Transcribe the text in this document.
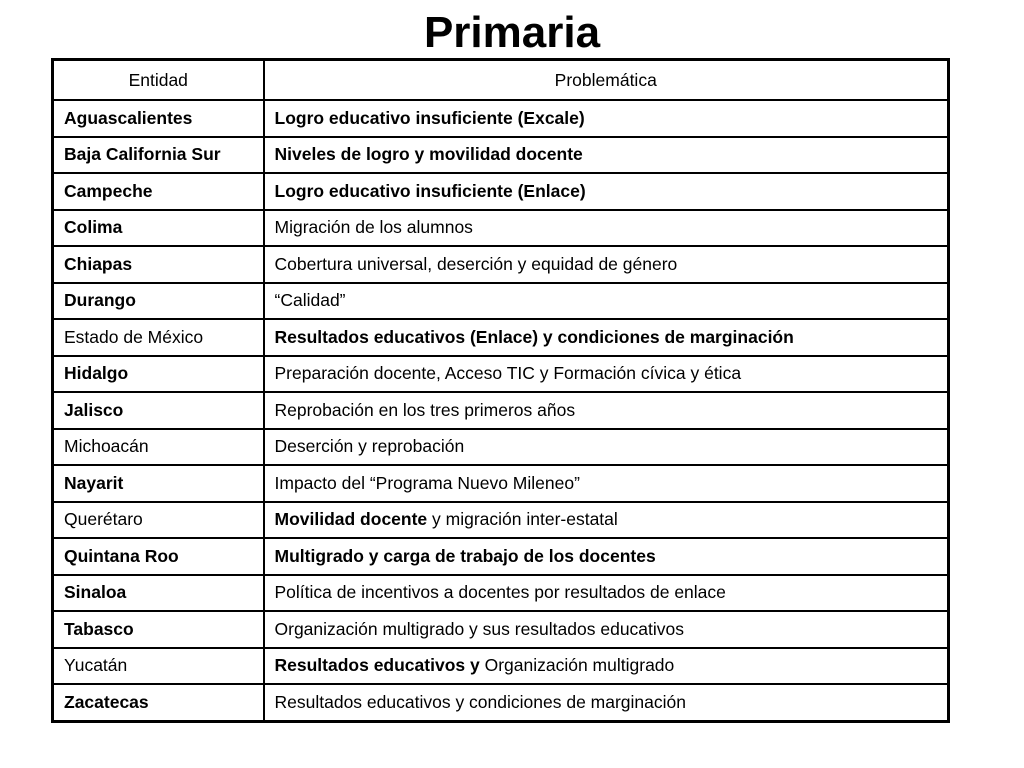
Primaria
Entidad	Problemática
Aguascalientes	Logro educativo insuficiente (Excale)
Baja California Sur	Niveles de logro y movilidad docente
Campeche	Logro educativo insuficiente (Enlace)
Colima	Migración de los alumnos
Chiapas	Cobertura universal, deserción y equidad de género
Durango	“Calidad”
Estado de México	Resultados educativos (Enlace) y condiciones de marginación
Hidalgo	Preparación docente, Acceso TIC y Formación cívica y ética
Jalisco	Reprobación en los tres primeros años
Michoacán	Deserción y reprobación
Nayarit	Impacto del “Programa Nuevo Mileneo”
Querétaro	Movilidad docente y migración inter-estatal
Quintana Roo	Multigrado y carga de trabajo de los docentes
Sinaloa	Política de incentivos a docentes por resultados de enlace
Tabasco	Organización multigrado y sus resultados educativos
Yucatán	Resultados educativos y Organización multigrado
Zacatecas	Resultados educativos y condiciones de marginación
